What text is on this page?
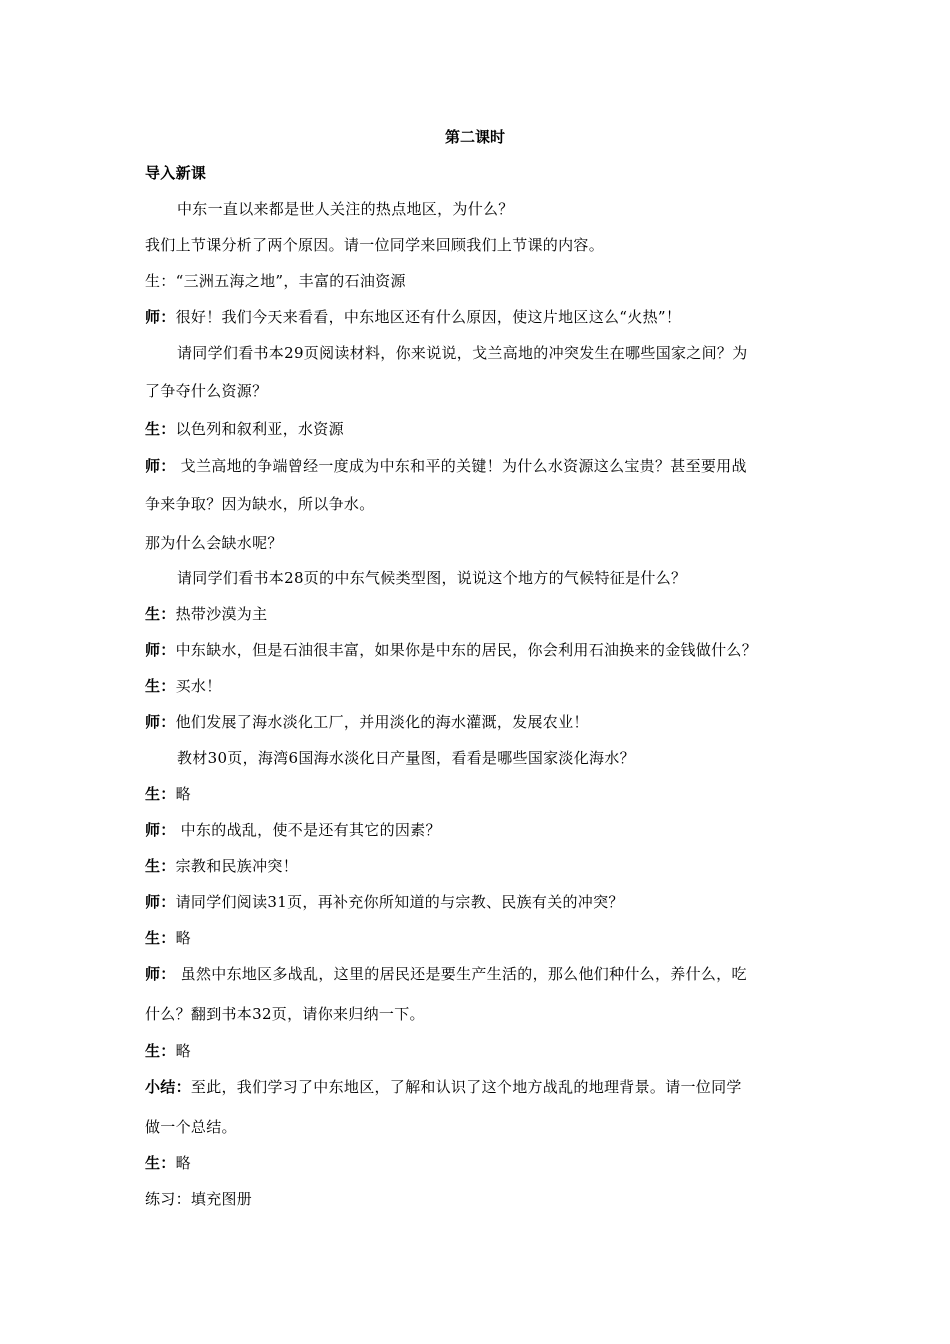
第二课时
导入新课
中东一直以来都是世人关注的热点地区，为什么？
我们上节课分析了两个原因。请一位同学来回顾我们上节课的内容。
生：“三洲五海之地”，丰富的石油资源
师：很好！我们今天来看看，中东地区还有什么原因，使这片地区这么“火热”！
请同学们看书本29页阅读材料，你来说说，戈兰高地的冲突发生在哪些国家之间？为
了争夺什么资源？
生：以色列和叙利亚，水资源
师： 戈兰高地的争端曾经一度成为中东和平的关键！为什么水资源这么宝贵？甚至要用战
争来争取？因为缺水，所以争水。
那为什么会缺水呢？
请同学们看书本28页的中东气候类型图，说说这个地方的气候特征是什么？
生：热带沙漠为主
师：中东缺水，但是石油很丰富，如果你是中东的居民，你会利用石油换来的金钱做什么？
生：买水！
师：他们发展了海水淡化工厂，并用淡化的海水灌溉，发展农业！
教材30页，海湾6国海水淡化日产量图，看看是哪些国家淡化海水？
生：略
师： 中东的战乱，使不是还有其它的因素？
生：宗教和民族冲突！
师：请同学们阅读31页，再补充你所知道的与宗教、民族有关的冲突？
生：略
师： 虽然中东地区多战乱，这里的居民还是要生产生活的，那么他们种什么，养什么，吃
什么？翻到书本32页，请你来归纳一下。
生：略
小结：至此，我们学习了中东地区，了解和认识了这个地方战乱的地理背景。请一位同学
做一个总结。
生：略
练习：填充图册
